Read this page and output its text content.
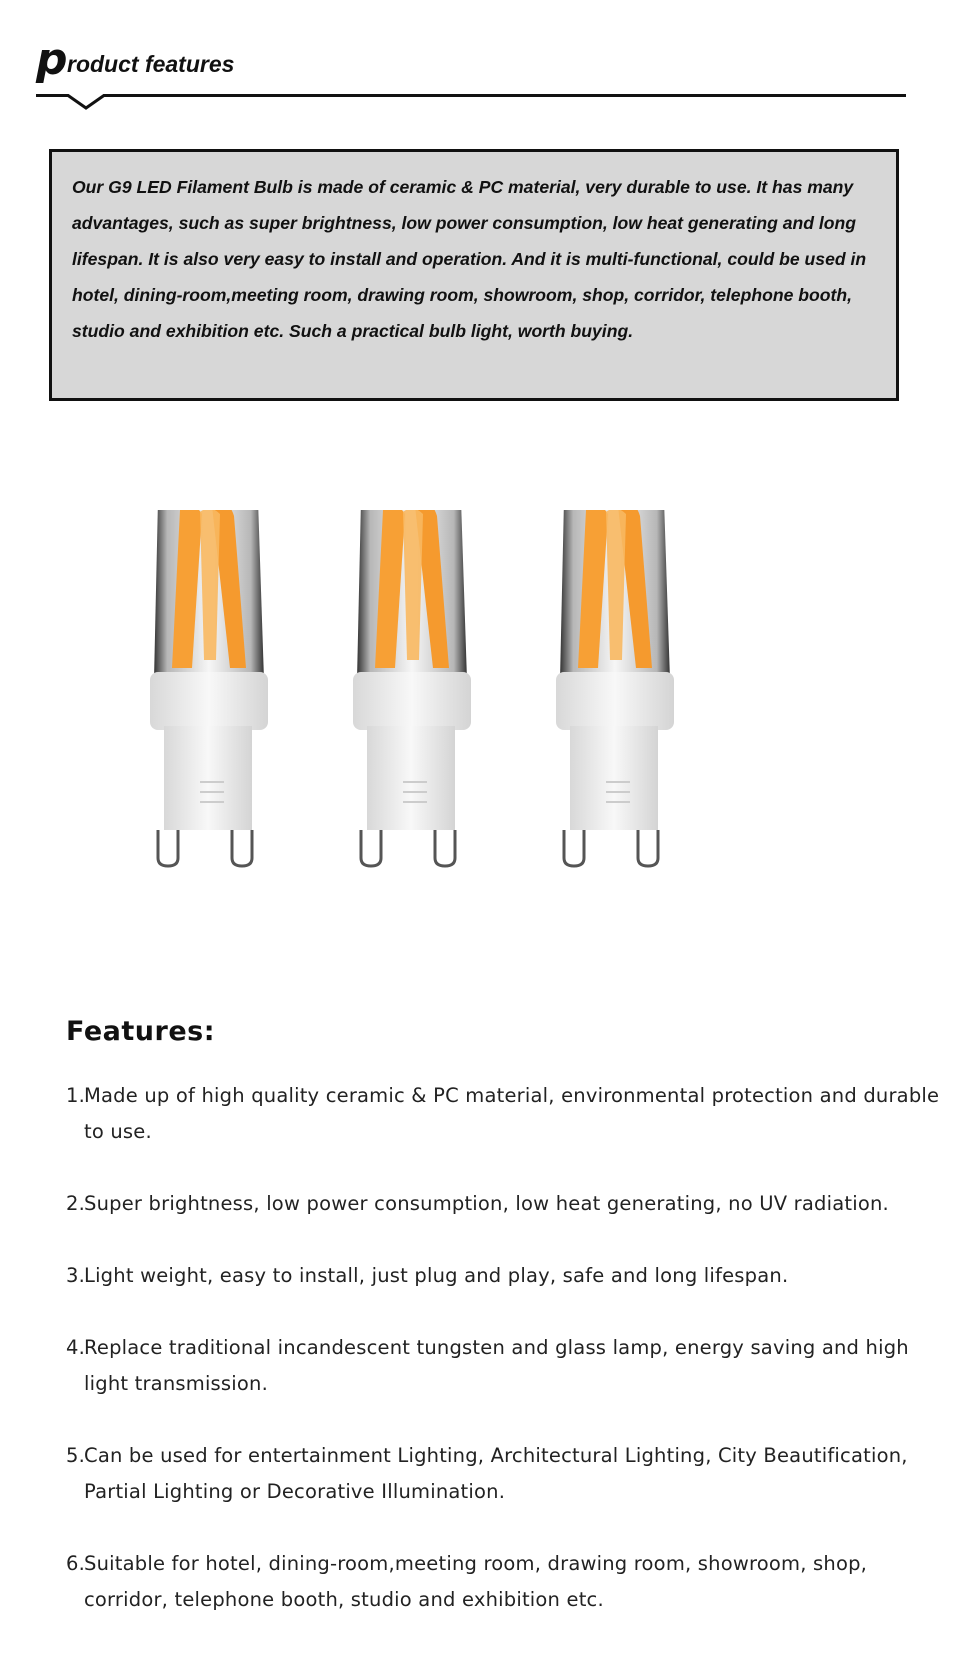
p roduct features

Our G9 LED Filament Bulb is made of ceramic & PC material, very durable to use. It has many advantages, such as super brightness, low power consumption, low heat generating and long lifespan. It is also very easy to install and operation. And it is multi-functional, could be used in hotel, dining-room,meeting room, drawing room, showroom, shop, corridor, telephone booth, studio and exhibition etc. Such a practical bulb light, worth buying.

Features:
1.
Made up of high quality ceramic & PC material, environmental protection and durable to use.
2.
Super brightness, low power consumption, low heat generating, no UV radiation.
3.
Light weight, easy to install, just plug and play, safe and long lifespan.
4.
Replace traditional incandescent tungsten and glass lamp, energy saving and high light transmission.
5.
Can be used for entertainment Lighting, Architectural Lighting, City Beautification, Partial Lighting or Decorative Illumination.
6.
Suitable for hotel, dining-room,meeting room, drawing room, showroom, shop, corridor, telephone booth, studio and exhibition etc.
